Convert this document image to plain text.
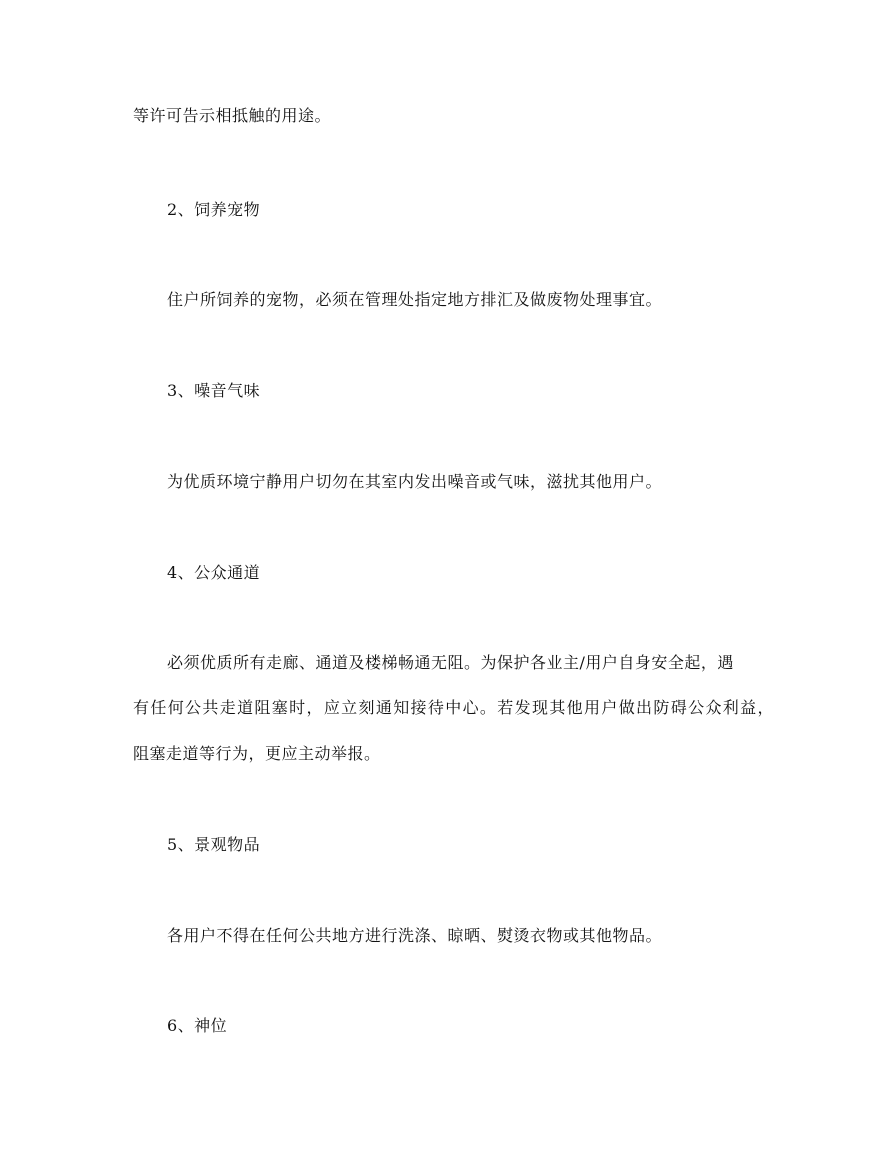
等许可告示相抵触的用途。
2、饲养宠物
住户所饲养的宠物，必须在管理处指定地方排汇及做废物处理事宜。
3、噪音气味
为优质环境宁静用户切勿在其室内发出噪音或气味，滋扰其他用户。
4、公众通道
必须优质所有走廊、通道及楼梯畅通无阻。为保护各业主/用户自身安全起，遇
有任何公共走道阻塞时，应立刻通知接待中心。若发现其他用户做出防碍公众利益，
阻塞走道等行为，更应主动举报。
5、景观物品
各用户不得在任何公共地方进行洗涤、晾晒、熨烫衣物或其他物品。
6、神位
